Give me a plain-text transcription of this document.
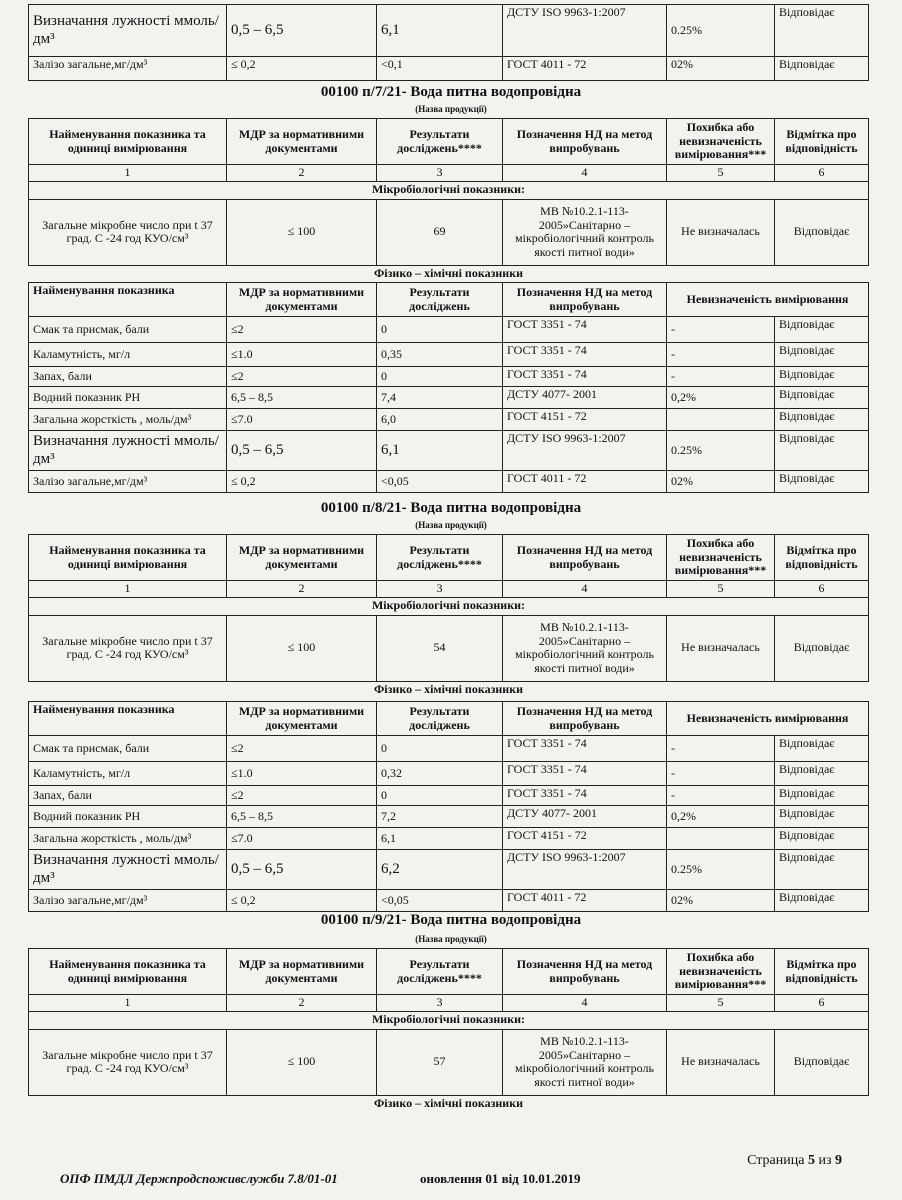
Визначання лужності ммоль/дм³	0,5 – 6,5	6,1	ДСТУ ISO 9963-1:2007	0.25%	Відповідає
Залізо загальне,мг/дм³	≤ 0,2	<0,1	ГОСТ 4011 - 72	02%	Відповідає
00100 п/7/21- Вода питна водопровідна
(Назва продукції)
Найменування показника та одиниці вимірювання	МДР за нормативними документами	Результати досліджень****	Позначення НД на метод випробувань	Похибка або невизначеність вимірювання***	Відмітка про відповідність
1	2	3	4	5	6
Мікробіологічні показники:					
Загальне мікробне число при t 37 град. С -24 год КУО/см³	≤ 100	69	МВ №10.2.1-113-2005»Санітарно – мікробіологічний контроль якості питної води»	Не визначалась	Відповідає
Фізико – хімічні показники					
Найменування показника	МДР за нормативними документами	Результати досліджень	Позначення НД на метод випробувань	Невизначеність вимірювання	
Смак та присмак, бали	≤2	0	ГОСТ 3351 - 74	-	Відповідає
Каламутність, мг/л	≤1.0	0,35	ГОСТ 3351 - 74	-	Відповідає
Запах, бали	≤2	0	ГОСТ 3351 - 74	-	Відповідає
Водний показник РН	6,5 – 8,5	7,4	ДСТУ 4077- 2001	0,2%	Відповідає
Загальна жорсткість , моль/дм³	≤7.0	6,0	ГОСТ 4151 - 72		Відповідає
Визначання лужності ммоль/дм³	0,5 – 6,5	6,1	ДСТУ ISO 9963-1:2007	0.25%	Відповідає
Залізо загальне,мг/дм³	≤ 0,2	<0,05	ГОСТ 4011 - 72	02%	Відповідає
00100 п/8/21- Вода питна водопровідна
(Назва продукції)
Найменування показника та одиниці вимірювання	МДР за нормативними документами	Результати досліджень****	Позначення НД на метод випробувань	Похибка або невизначеність вимірювання***	Відмітка про відповідність
1	2	3	4	5	6
Мікробіологічні показники:					
Загальне мікробне число при t 37 град. С -24 год КУО/см³	≤ 100	54	МВ №10.2.1-113-2005»Санітарно – мікробіологічний контроль якості питної води»	Не визначалась	Відповідає
Фізико – хімічні показники					
Найменування показника	МДР за нормативними документами	Результати досліджень	Позначення НД на метод випробувань	Невизначеність вимірювання	
Смак та присмак, бали	≤2	0	ГОСТ 3351 - 74	-	Відповідає
Каламутність, мг/л	≤1.0	0,32	ГОСТ 3351 - 74	-	Відповідає
Запах, бали	≤2	0	ГОСТ 3351 - 74	-	Відповідає
Водний показник РН	6,5 – 8,5	7,2	ДСТУ 4077- 2001	0,2%	Відповідає
Загальна жорсткість , моль/дм³	≤7.0	6,1	ГОСТ 4151 - 72		Відповідає
Визначання лужності ммоль/дм³	0,5 – 6,5	6,2	ДСТУ ISO 9963-1:2007	0.25%	Відповідає
Залізо загальне,мг/дм³	≤ 0,2	<0,05	ГОСТ 4011 - 72	02%	Відповідає
00100 п/9/21- Вода питна водопровідна
(Назва продукції)
Найменування показника та одиниці вимірювання	МДР за нормативними документами	Результати досліджень****	Позначення НД на метод випробувань	Похибка або невизначеність вимірювання***	Відмітка про відповідність
1	2	3	4	5	6
Мікробіологічні показники:					
Загальне мікробне число при t 37 град. С -24 год КУО/см³	≤ 100	57	МВ №10.2.1-113-2005»Санітарно – мікробіологічний контроль якості питної води»	Не визначалась	Відповідає
Фізико – хімічні показники					
Страница 5 из 9
ОПФ ПМДЛ Держпродспоживслужби 7.8/01-01	оновлення 01 від 10.01.2019
